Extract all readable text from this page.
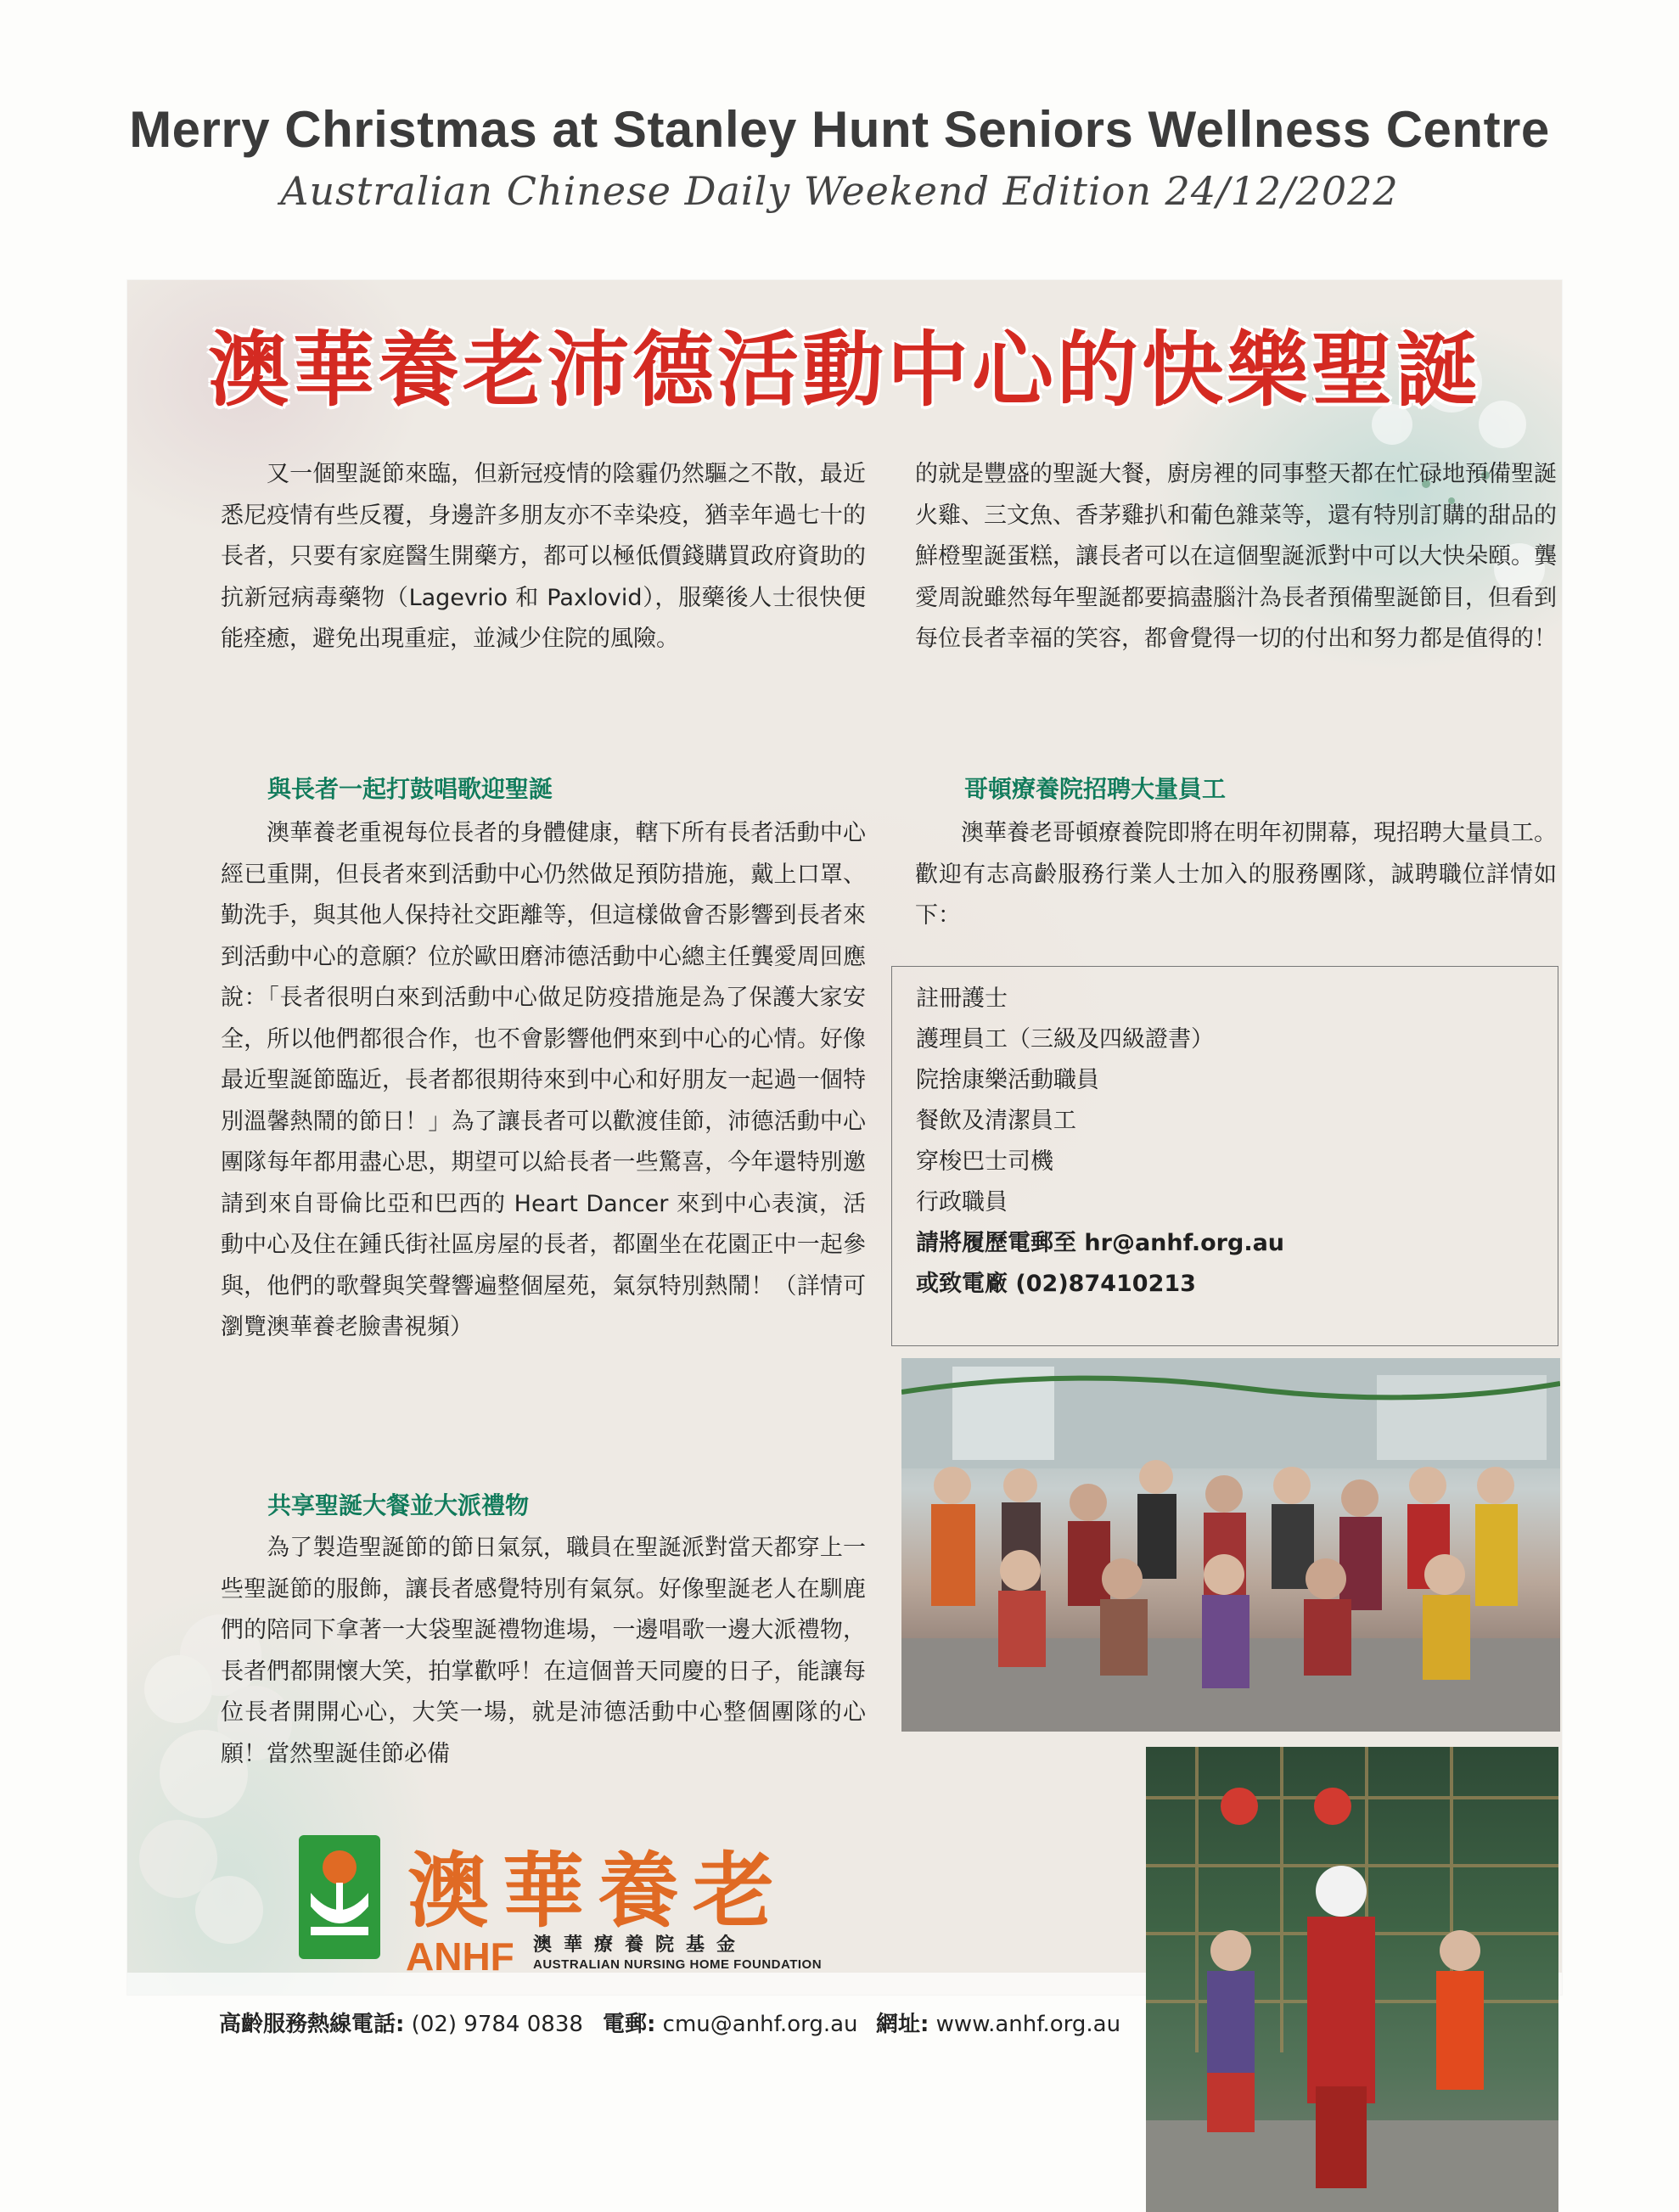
Merry Christmas at Stanley Hunt Seniors Wellness Centre
Australian Chinese Daily Weekend Edition 24/12/2022
澳華養老沛德活動中心的快樂聖誕

又一個聖誕節來臨，但新冠疫情的陰霾仍然驅之不散，最近悉尼疫情有些反覆，身邊許多朋友亦不幸染疫，猶幸年過七十的長者，只要有家庭醫生開藥方，都可以極低價錢購買政府資助的抗新冠病毒藥物（Lagevrio 和 Paxlovid），服藥後人士很快便能痊癒，避免出現重症，並減少住院的風險。

的就是豐盛的聖誕大餐，廚房裡的同事整天都在忙碌地預備聖誕火雞、三文魚、香茅雞扒和葡色雜菜等，還有特別訂購的甜品的鮮橙聖誕蛋糕，讓長者可以在這個聖誕派對中可以大快朵頤。龔愛周說雖然每年聖誕都要搞盡腦汁為長者預備聖誕節目，但看到每位長者幸福的笑容，都會覺得一切的付出和努力都是值得的！

與長者一起打鼓唱歌迎聖誕

澳華養老重視每位長者的身體健康，轄下所有長者活動中心經已重開，但長者來到活動中心仍然做足預防措施，戴上口罩、勤洗手，與其他人保持社交距離等，但這樣做會否影響到長者來到活動中心的意願？位於歐田磨沛德活動中心總主任龔愛周回應說：「長者很明白來到活動中心做足防疫措施是為了保護大家安全，所以他們都很合作，也不會影響他們來到中心的心情。好像最近聖誕節臨近，長者都很期待來到中心和好朋友一起過一個特別溫馨熱鬧的節日！」為了讓長者可以歡渡佳節，沛德活動中心團隊每年都用盡心思，期望可以給長者一些驚喜，今年還特別邀請到來自哥倫比亞和巴西的 Heart Dancer 來到中心表演，活動中心及住在鍾氏街社區房屋的長者，都圍坐在花園正中一起參與，他們的歌聲與笑聲響遍整個屋苑，氣氛特別熱鬧！（詳情可瀏覽澳華養老臉書視頻）

共享聖誕大餐並大派禮物

為了製造聖誕節的節日氣氛，職員在聖誕派對當天都穿上一些聖誕節的服飾，讓長者感覺特別有氣氛。好像聖誕老人在馴鹿們的陪同下拿著一大袋聖誕禮物進場，一邊唱歌一邊大派禮物，長者們都開懷大笑，拍掌歡呼！在這個普天同慶的日子，能讓每位長者開開心心，大笑一場，就是沛德活動中心整個團隊的心願！當然聖誕佳節必備

哥頓療養院招聘大量員工

澳華養老哥頓療養院即將在明年初開幕，現招聘大量員工。歡迎有志高齡服務行業人士加入的服務團隊，誠聘職位詳情如下：

註冊護士
護理員工（三級及四級證書）
院捨康樂活動職員
餐飲及清潔員工
穿梭巴士司機
行政職員
請將履歷電郵至 hr@anhf.org.au
或致電廠 (02)87410213
澳華養老
ANHF 澳華療養院基金
AUSTRALIAN NURSING HOME FOUNDATION
高齡服務熱線電話: (02) 9784 0838 電郵: cmu@anhf.org.au 網址: www.anhf.org.au
